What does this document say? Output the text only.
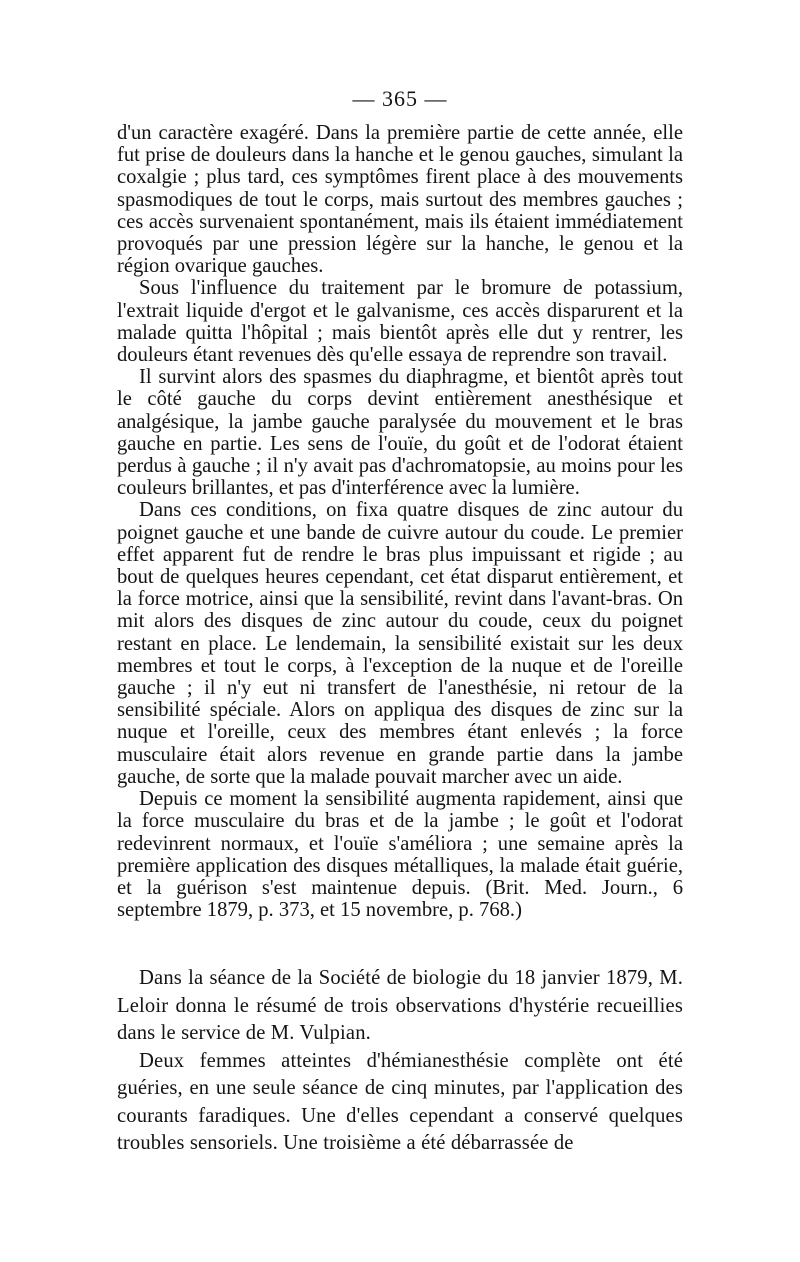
— 365 —

d'un caractère exagéré. Dans la première partie de cette année, elle fut prise de douleurs dans la hanche et le genou gauches, simulant la coxalgie ; plus tard, ces symptômes firent place à des mouvements spasmodiques de tout le corps, mais surtout des membres gauches ; ces accès survenaient spontanément, mais ils étaient immédiatement provoqués par une pression légère sur la hanche, le genou et la région ovarique gauches.

Sous l'influence du traitement par le bromure de potassium, l'extrait liquide d'ergot et le galvanisme, ces accès disparurent et la malade quitta l'hôpital ; mais bientôt après elle dut y rentrer, les douleurs étant revenues dès qu'elle essaya de reprendre son travail.

Il survint alors des spasmes du diaphragme, et bientôt après tout le côté gauche du corps devint entièrement anesthésique et analgésique, la jambe gauche paralysée du mouvement et le bras gauche en partie. Les sens de l'ouïe, du goût et de l'odorat étaient perdus à gauche ; il n'y avait pas d'achromatopsie, au moins pour les couleurs brillantes, et pas d'interférence avec la lumière.

Dans ces conditions, on fixa quatre disques de zinc autour du poignet gauche et une bande de cuivre autour du coude. Le premier effet apparent fut de rendre le bras plus impuissant et rigide ; au bout de quelques heures cependant, cet état disparut entièrement, et la force motrice, ainsi que la sensibilité, revint dans l'avant-bras. On mit alors des disques de zinc autour du coude, ceux du poignet restant en place. Le lendemain, la sensibilité existait sur les deux membres et tout le corps, à l'exception de la nuque et de l'oreille gauche ; il n'y eut ni transfert de l'anesthésie, ni retour de la sensibilité spéciale. Alors on appliqua des disques de zinc sur la nuque et l'oreille, ceux des membres étant enlevés ; la force musculaire était alors revenue en grande partie dans la jambe gauche, de sorte que la malade pouvait marcher avec un aide.

Depuis ce moment la sensibilité augmenta rapidement, ainsi que la force musculaire du bras et de la jambe ; le goût et l'odorat redevinrent normaux, et l'ouïe s'améliora ; une semaine après la première application des disques métalliques, la malade était guérie, et la guérison s'est maintenue depuis. (Brit. Med. Journ., 6 septembre 1879, p. 373, et 15 novembre, p. 768.)

Dans la séance de la Société de biologie du 18 janvier 1879, M. Leloir donna le résumé de trois observations d'hystérie recueillies dans le service de M. Vulpian.

Deux femmes atteintes d'hémianesthésie complète ont été guéries, en une seule séance de cinq minutes, par l'application des courants faradiques. Une d'elles cependant a conservé quelques troubles sensoriels. Une troisième a été débarrassée de
